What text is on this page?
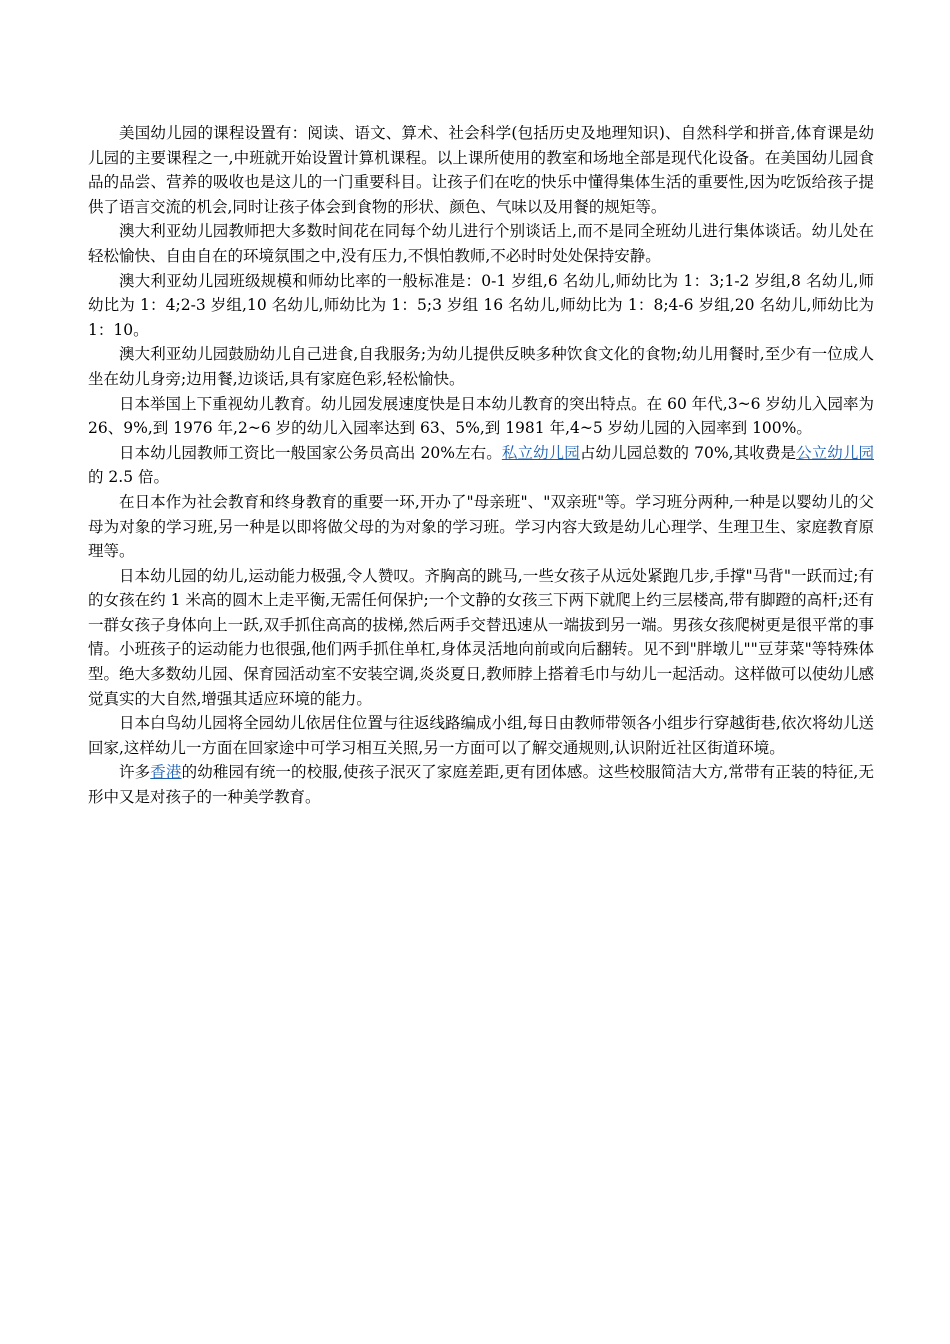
美国幼儿园的课程设置有：阅读、语文、算术、社会科学(包括历史及地理知识)、自然科学和拼音,体育课是幼儿园的主要课程之一,中班就开始设置计算机课程。以上课所使用的教室和场地全部是现代化设备。在美国幼儿园食品的品尝、营养的吸收也是这儿的一门重要科目。让孩子们在吃的快乐中懂得集体生活的重要性,因为吃饭给孩子提供了语言交流的机会,同时让孩子体会到食物的形状、颜色、气味以及用餐的规矩等。

澳大利亚幼儿园教师把大多数时间花在同每个幼儿进行个别谈话上,而不是同全班幼儿进行集体谈话。幼儿处在轻松愉快、自由自在的环境氛围之中,没有压力,不惧怕教师,不必时时处处保持安静。

澳大利亚幼儿园班级规模和师幼比率的一般标准是：0-1 岁组,6 名幼儿,师幼比为 1：3;1-2 岁组,8 名幼儿,师幼比为 1：4;2-3 岁组,10 名幼儿,师幼比为 1：5;3 岁组 16 名幼儿,师幼比为 1：8;4-6 岁组,20 名幼儿,师幼比为 1：10。

澳大利亚幼儿园鼓励幼儿自己进食,自我服务;为幼儿提供反映多种饮食文化的食物;幼儿用餐时,至少有一位成人坐在幼儿身旁;边用餐,边谈话,具有家庭色彩,轻松愉快。

日本举国上下重视幼儿教育。幼儿园发展速度快是日本幼儿教育的突出特点。在 60 年代,3~6 岁幼儿入园率为 26、9%,到 1976 年,2~6 岁的幼儿入园率达到 63、5%,到 1981 年,4~5 岁幼儿园的入园率到 100%。

日本幼儿园教师工资比一般国家公务员高出 20%左右。私立幼儿园占幼儿园总数的 70%,其收费是公立幼儿园的 2.5 倍。

在日本作为社会教育和终身教育的重要一环,开办了"母亲班"、"双亲班"等。学习班分两种,一种是以婴幼儿的父母为对象的学习班,另一种是以即将做父母的为对象的学习班。学习内容大致是幼儿心理学、生理卫生、家庭教育原理等。

日本幼儿园的幼儿,运动能力极强,令人赞叹。齐胸高的跳马,一些女孩子从远处紧跑几步,手撑"马背"一跃而过;有的女孩在约 1 米高的圆木上走平衡,无需任何保护;一个文静的女孩三下两下就爬上约三层楼高,带有脚蹬的高杆;还有一群女孩子身体向上一跃,双手抓住高高的拔梯,然后两手交替迅速从一端拔到另一端。男孩女孩爬树更是很平常的事情。小班孩子的运动能力也很强,他们两手抓住单杠,身体灵活地向前或向后翻转。见不到"胖墩儿""豆芽菜"等特殊体型。绝大多数幼儿园、保育园活动室不安装空调,炎炎夏日,教师脖上搭着毛巾与幼儿一起活动。这样做可以使幼儿感觉真实的大自然,增强其适应环境的能力。

日本白鸟幼儿园将全园幼儿依居住位置与往返线路编成小组,每日由教师带领各小组步行穿越街巷,依次将幼儿送回家,这样幼儿一方面在回家途中可学习相互关照,另一方面可以了解交通规则,认识附近社区街道环境。

许多香港的幼稚园有统一的校服,使孩子泯灭了家庭差距,更有团体感。这些校服简洁大方,常带有正装的特征,无形中又是对孩子的一种美学教育。
